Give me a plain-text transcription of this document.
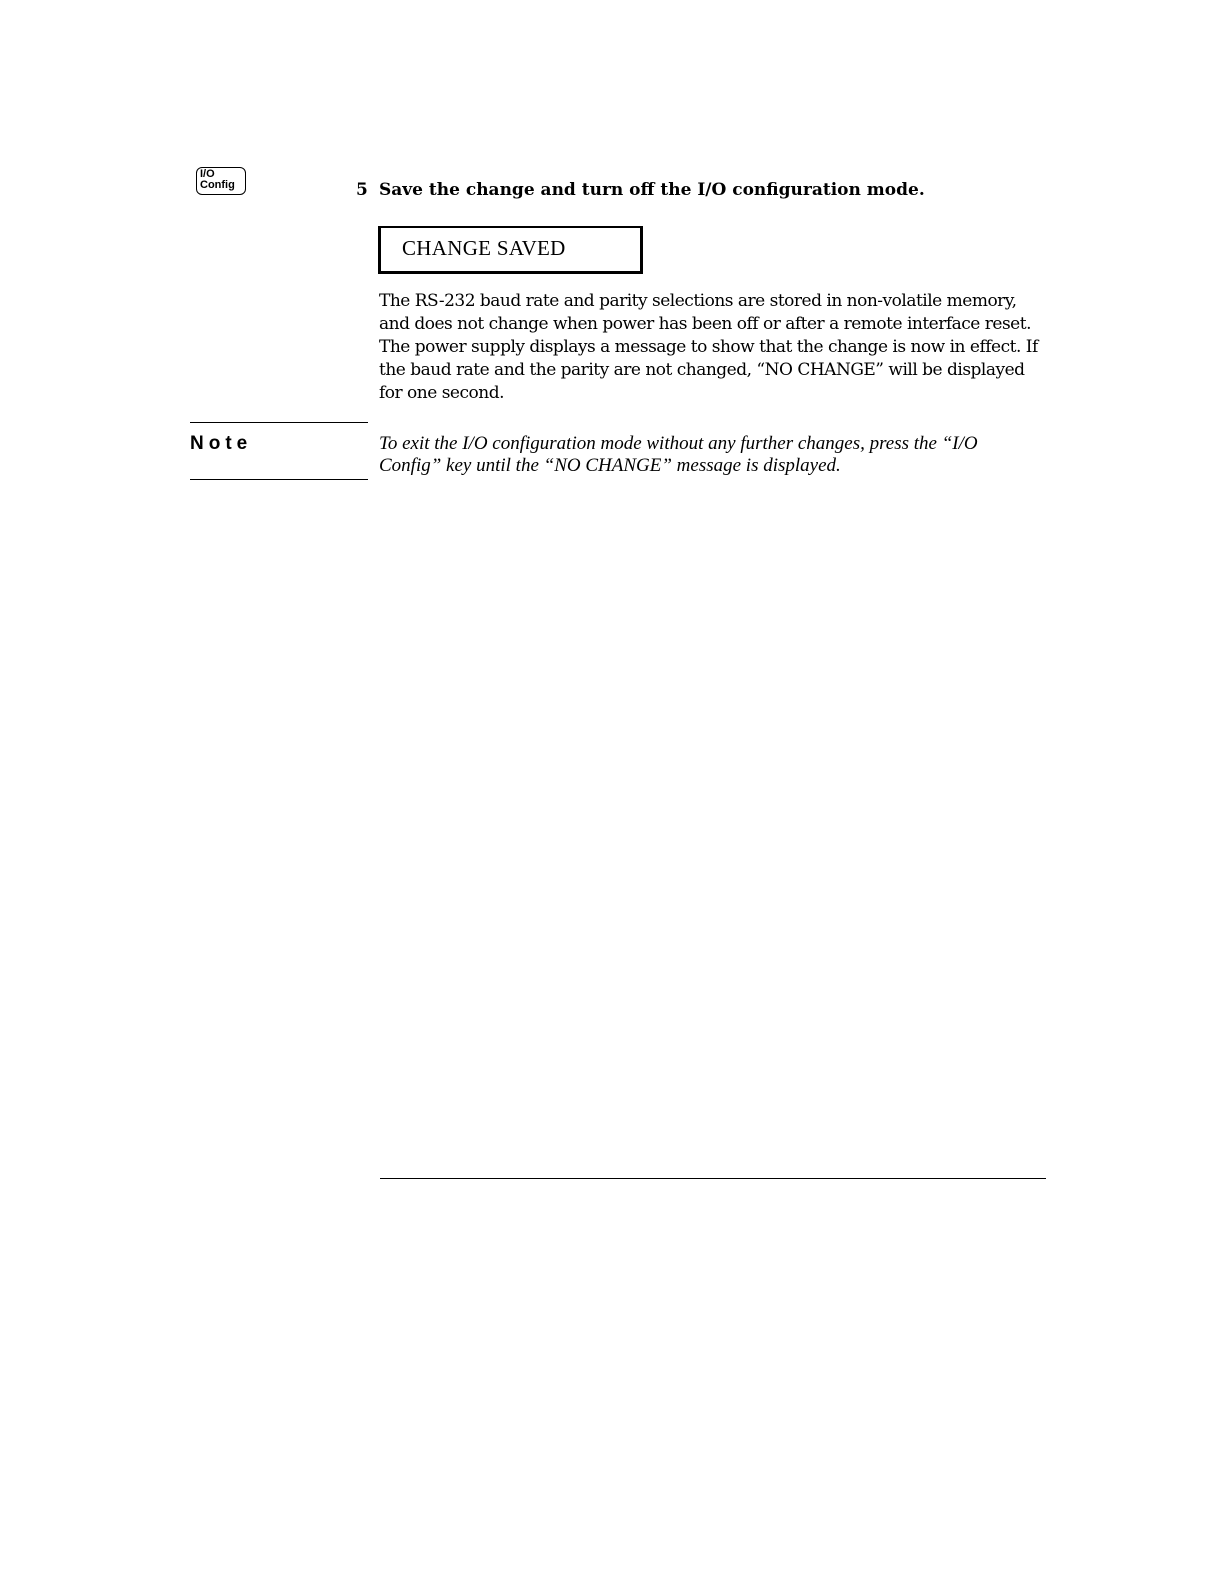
I/O
Config	5 Save the change and turn off the I/O configuration mode.
CHANGE SAVED

The RS-232 baud rate and parity selections are stored in non-volatile memory, and does not change when power has been off or after a remote interface reset. The power supply displays a message to show that the change is now in effect. If the baud rate and the parity are not changed, “NO CHANGE” will be displayed for one second.

Note	To exit the I/O configuration mode without any further changes, press the “I/O Config” key until the “NO CHANGE” message is displayed.
